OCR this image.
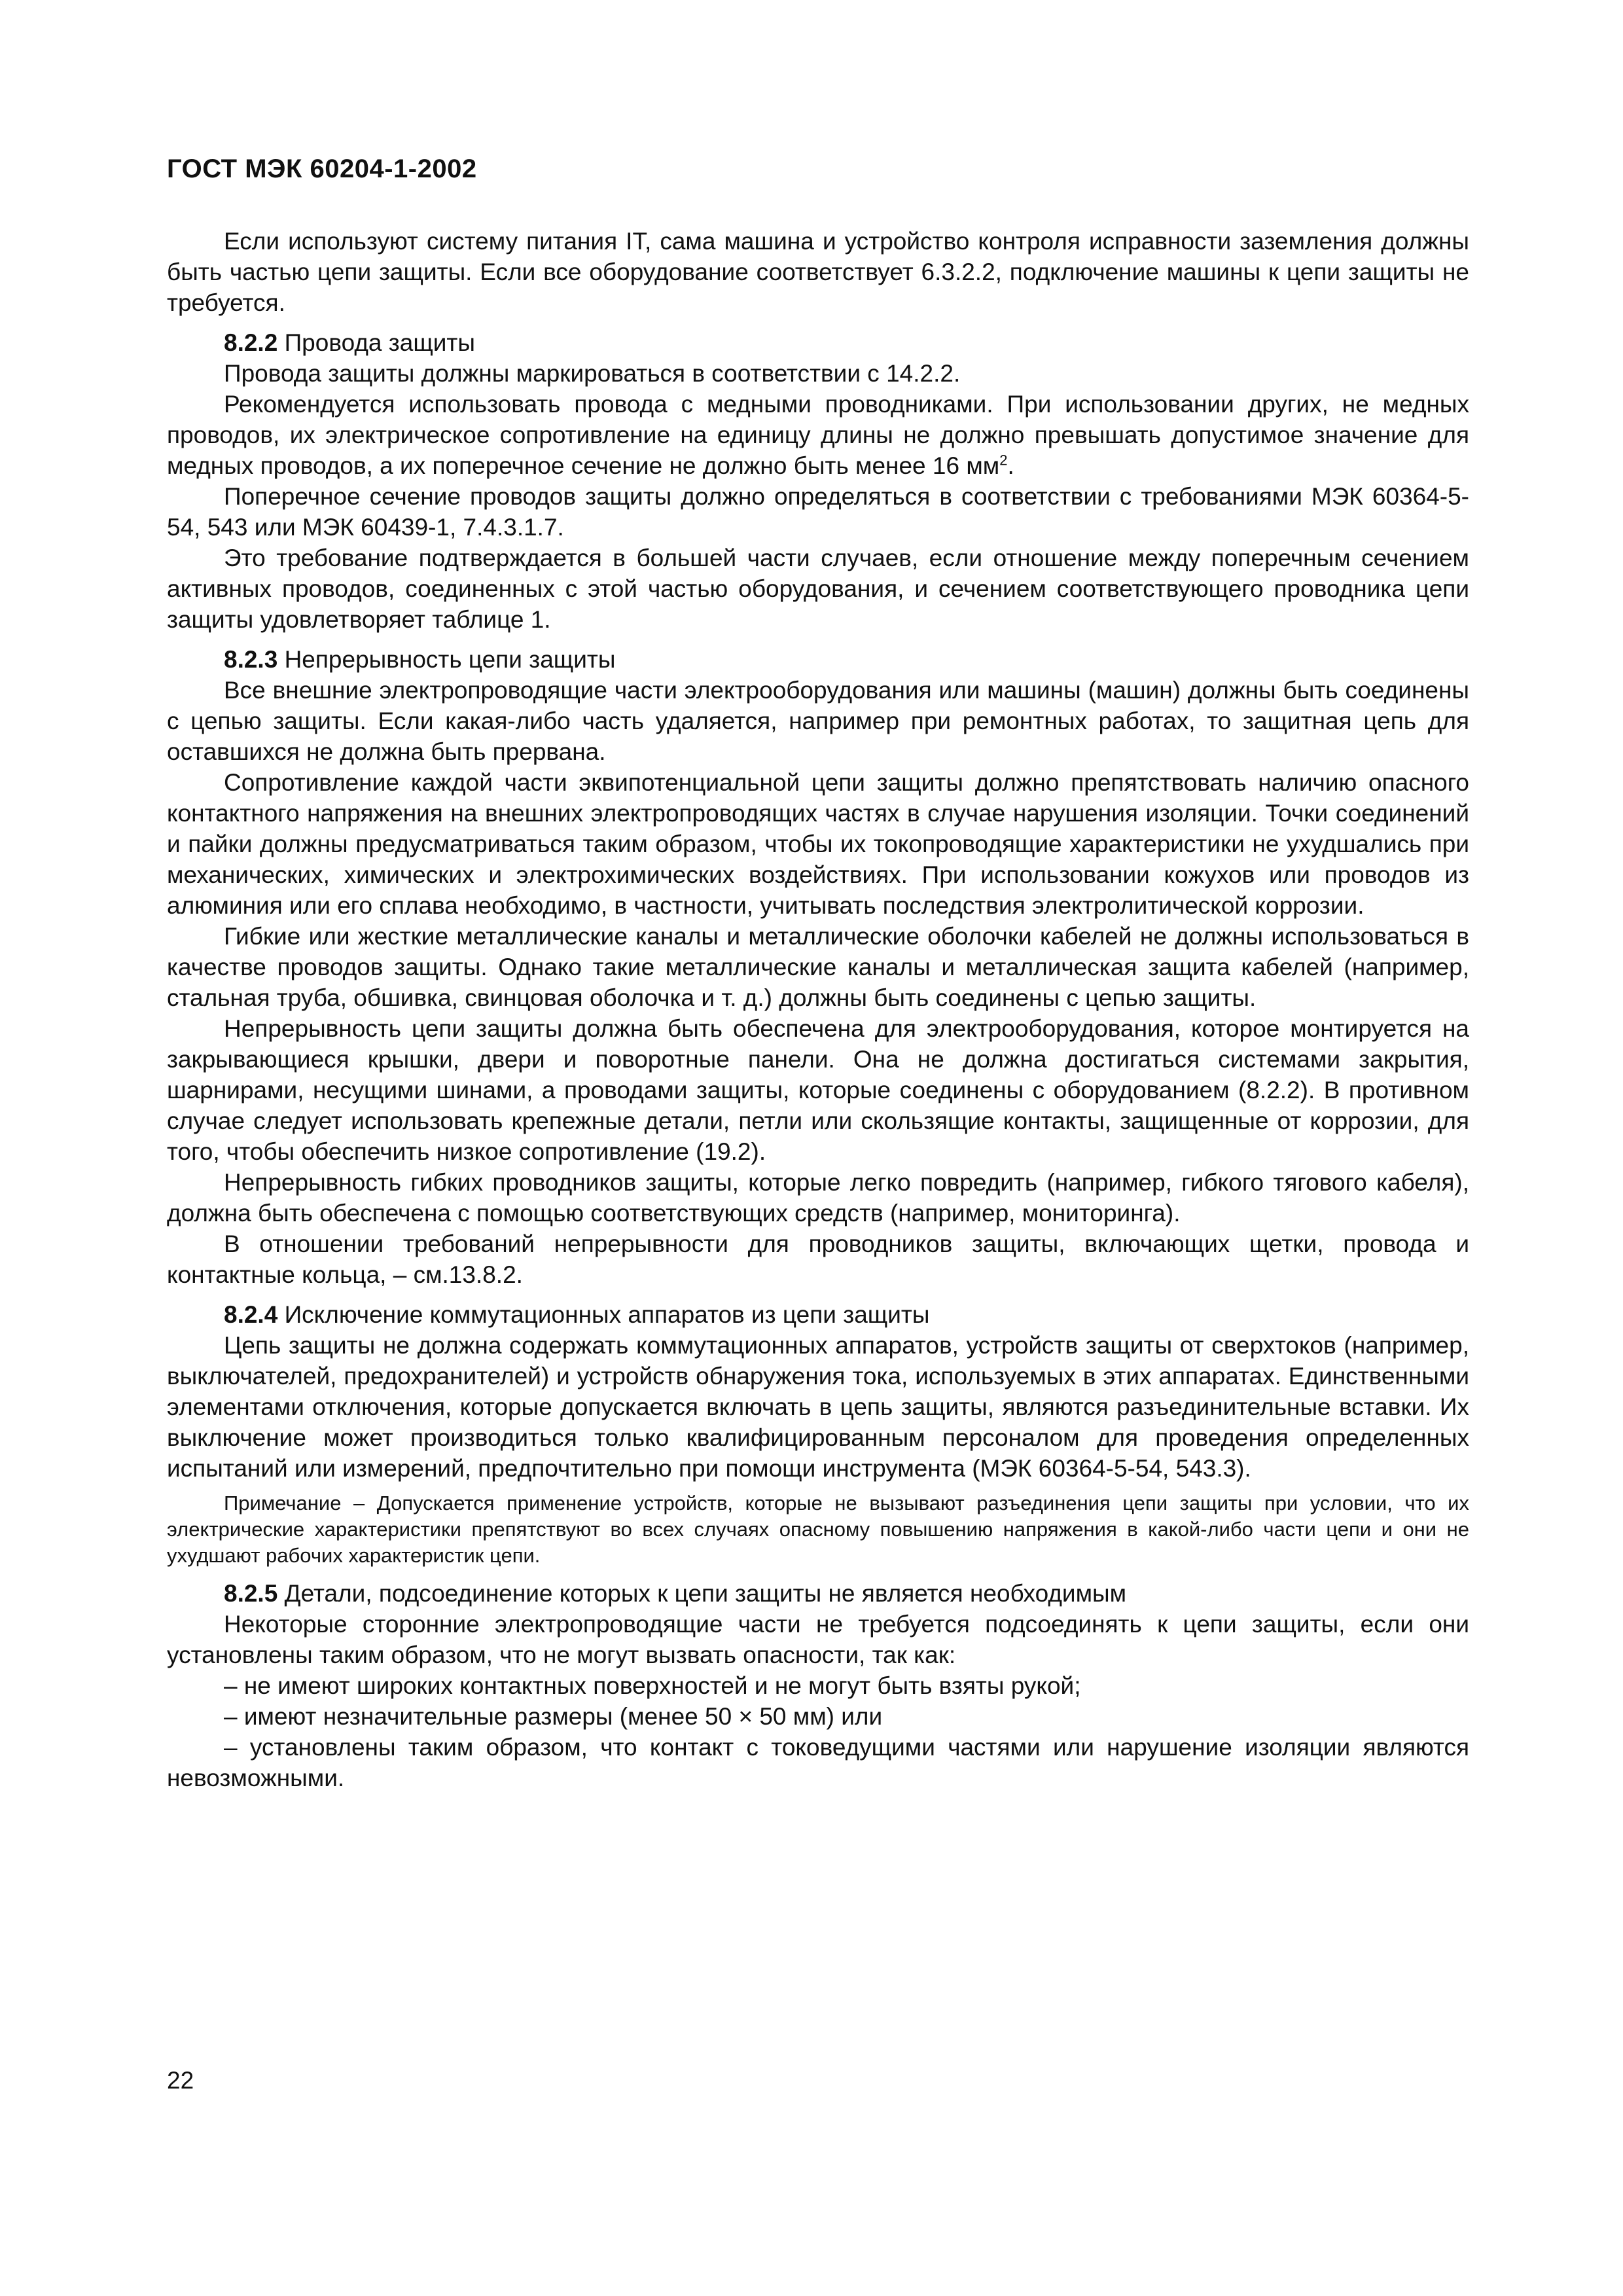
ГОСТ МЭК 60204-1-2002

Если используют систему питания IT, сама машина и устройство контроля исправности заземления должны быть частью цепи защиты. Если все оборудование соответствует 6.3.2.2, подключение машины к цепи защиты не требуется.

8.2.2 Провода защиты

Провода защиты должны маркироваться в соответствии с 14.2.2.

Рекомендуется использовать провода с медными проводниками. При использовании других, не медных проводов, их электрическое сопротивление на единицу длины не должно превышать допустимое значение для медных проводов, а их поперечное сечение не должно быть менее 16 $мм^2$.

Поперечное сечение проводов защиты должно определяться в соответствии с требованиями МЭК 60364-5-54, 543 или МЭК 60439-1, 7.4.3.1.7.

Это требование подтверждается в большей части случаев, если отношение между поперечным сечением активных проводов, соединенных с этой частью оборудования, и сечением соответствующего проводника цепи защиты удовлетворяет таблице 1.

8.2.3 Непрерывность цепи защиты

Все внешние электропроводящие части электрооборудования или машины (машин) должны быть соединены с цепью защиты. Если какая-либо часть удаляется, например при ремонтных работах, то защитная цепь для оставшихся не должна быть прервана.

Сопротивление каждой части эквипотенциальной цепи защиты должно препятствовать наличию опасного контактного напряжения на внешних электропроводящих частях в случае нарушения изоляции. Точки соединений и пайки должны предусматриваться таким образом, чтобы их токопроводящие характеристики не ухудшались при механических, химических и электрохимических воздействиях. При использовании кожухов или проводов из алюминия или его сплава необходимо, в частности, учитывать последствия электролитической коррозии.

Гибкие или жесткие металлические каналы и металлические оболочки кабелей не должны использоваться в качестве проводов защиты. Однако такие металлические каналы и металлическая защита кабелей (например, стальная труба, обшивка, свинцовая оболочка и т. д.) должны быть соединены с цепью защиты.

Непрерывность цепи защиты должна быть обеспечена для электрооборудования, которое монтируется на закрывающиеся крышки, двери и поворотные панели. Она не должна достигаться системами закрытия, шарнирами, несущими шинами, а проводами защиты, которые соединены с оборудованием (8.2.2). В противном случае следует использовать крепежные детали, петли или скользящие контакты, защищенные от коррозии, для того, чтобы обеспечить низкое сопротивление (19.2).

Непрерывность гибких проводников защиты, которые легко повредить (например, гибкого тягового кабеля), должна быть обеспечена с помощью соответствующих средств (например, мониторинга).

В отношении требований непрерывности для проводников защиты, включающих щетки, провода и контактные кольца, – см.13.8.2.

8.2.4 Исключение коммутационных аппаратов из цепи защиты

Цепь защиты не должна содержать коммутационных аппаратов, устройств защиты от сверхтоков (например, выключателей, предохранителей) и устройств обнаружения тока, используемых в этих аппаратах. Единственными элементами отключения, которые допускается включать в цепь защиты, являются разъединительные вставки. Их выключение может производиться только квалифицированным персоналом для проведения определенных испытаний или измерений, предпочтительно при помощи инструмента (МЭК 60364-5-54, 543.3).

Примечание – Допускается применение устройств, которые не вызывают разъединения цепи защиты при условии, что их электрические характеристики препятствуют во всех случаях опасному повышению напряжения в какой-либо части цепи и они не ухудшают рабочих характеристик цепи.

8.2.5 Детали, подсоединение которых к цепи защиты не является необходимым

Некоторые сторонние электропроводящие части не требуется подсоединять к цепи защиты, если они установлены таким образом, что не могут вызвать опасности, так как:

– не имеют широких контактных поверхностей и не могут быть взяты рукой;

– имеют незначительные размеры (менее 50 × 50 мм) или

– установлены таким образом, что контакт с токоведущими частями или нарушение изоляции являются невозможными.

22
